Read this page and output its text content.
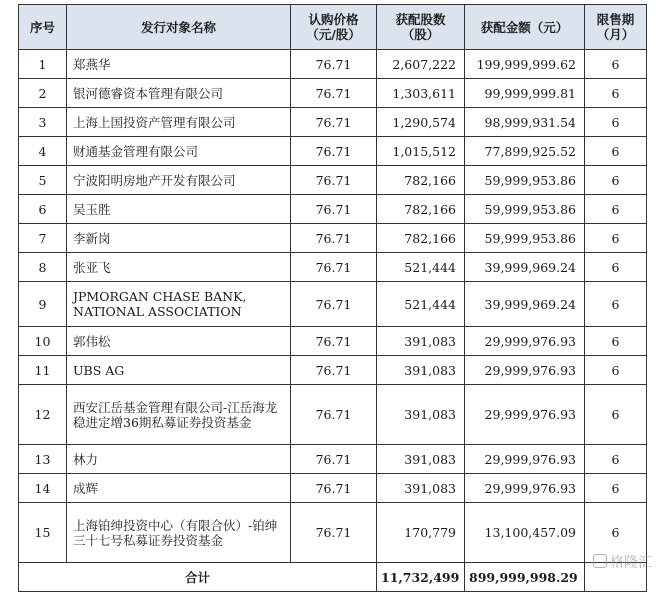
序号	发行对象名称	认购价格（元/股）	获配股数（股）	获配金额（元）	限售期（月）
1	郑燕华	76.71	2,607,222	199,999,999.62	6
2	银河德睿资本管理有限公司	76.71	1,303,611	99,999,999.81	6
3	上海上国投资产管理有限公司	76.71	1,290,574	98,999,931.54	6
4	财通基金管理有限公司	76.71	1,015,512	77,899,925.52	6
5	宁波阳明房地产开发有限公司	76.71	782,166	59,999,953.86	6
6	吴玉胜	76.71	782,166	59,999,953.86	6
7	李新岗	76.71	782,166	59,999,953.86	6
8	张亚飞	76.71	521,444	39,999,969.24	6
9	JPMORGAN CHASE BANK, NATIONAL ASSOCIATION	76.71	521,444	39,999,969.24	6
10	郭伟松	76.71	391,083	29,999,976.93	6
11	UBS AG	76.71	391,083	29,999,976.93	6
12	西安江岳基金管理有限公司-江岳海龙稳进定增36期私募证券投资基金	76.71	391,083	29,999,976.93	6
13	林力	76.71	391,083	29,999,976.93	6
14	成辉	76.71	391,083	29,999,976.93	6
15	上海铂绅投资中心（有限合伙）-铂绅三十七号私募证券投资基金	76.71	170,779	13,100,457.09	6
合计			11,732,499	899,999,998.29	
格隆汇
